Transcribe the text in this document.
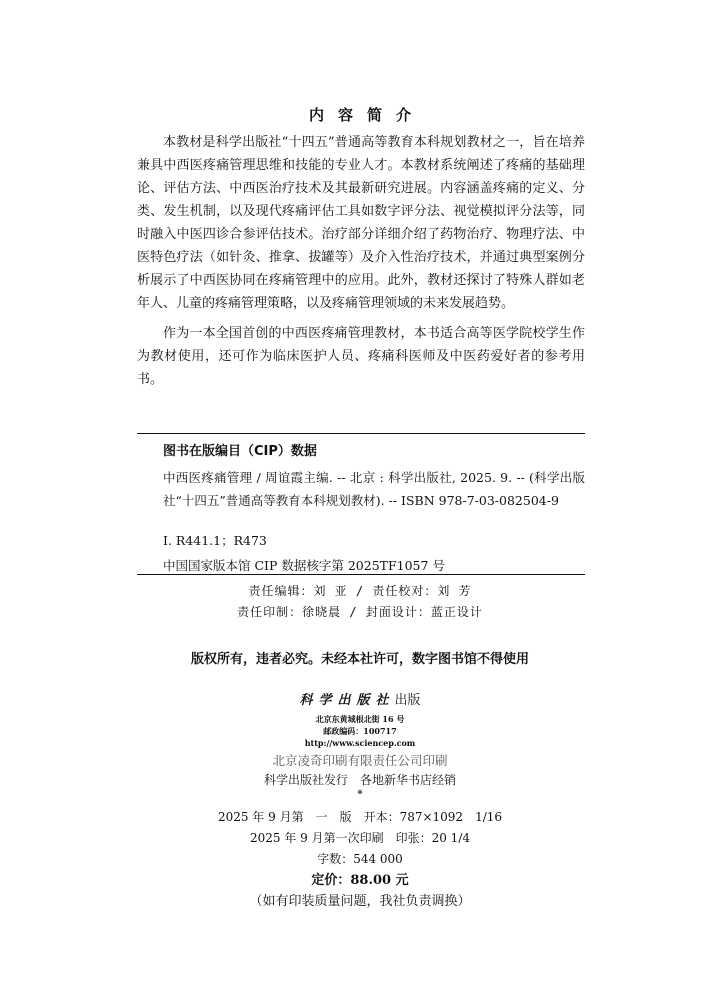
内容简介

本教材是科学出版社“十四五”普通高等教育本科规划教材之一，旨在培养兼具中西医疼痛管理思维和技能的专业人才。本教材系统阐述了疼痛的基础理论、评估方法、中西医治疗技术及其最新研究进展。内容涵盖疼痛的定义、分类、发生机制，以及现代疼痛评估工具如数字评分法、视觉模拟评分法等，同时融入中医四诊合参评估技术。治疗部分详细介绍了药物治疗、物理疗法、中医特色疗法（如针灸、推拿、拔罐等）及介入性治疗技术，并通过典型案例分析展示了中西医协同在疼痛管理中的应用。此外，教材还探讨了特殊人群如老年人、儿童的疼痛管理策略，以及疼痛管理领域的未来发展趋势。

作为一本全国首创的中西医疼痛管理教材，本书适合高等医学院校学生作为教材使用，还可作为临床医护人员、疼痛科医师及中医药爱好者的参考用书。

图书在版编目（CIP）数据

中西医疼痛管理 / 周谊霞主编. -- 北京 : 科学出版社, 2025. 9. -- (科学出版社“十四五”普通高等教育本科规划教材). -- ISBN 978-7-03-082504-9

Ⅰ. R441.1；R473
中国国家版本馆 CIP 数据核字第 2025TF1057 号
责任编辑：刘 亚 / 责任校对：刘 芳
责任印制：徐晓晨 / 封面设计：蓝正设计
版权所有，违者必究。未经本社许可，数字图书馆不得使用
科学出版社出版
北京东黄城根北街 16 号
邮政编码：100717
http://www.sciencep.com
北京凌奇印刷有限责任公司印刷
科学出版社发行　各地新华书店经销
*
2025 年 9 月第　一　版　开本：787×1092　1/16
2025 年 9 月第一次印刷　印张：20 1/4
字数：544 000
定价：88.00 元
（如有印装质量问题，我社负责调换）
